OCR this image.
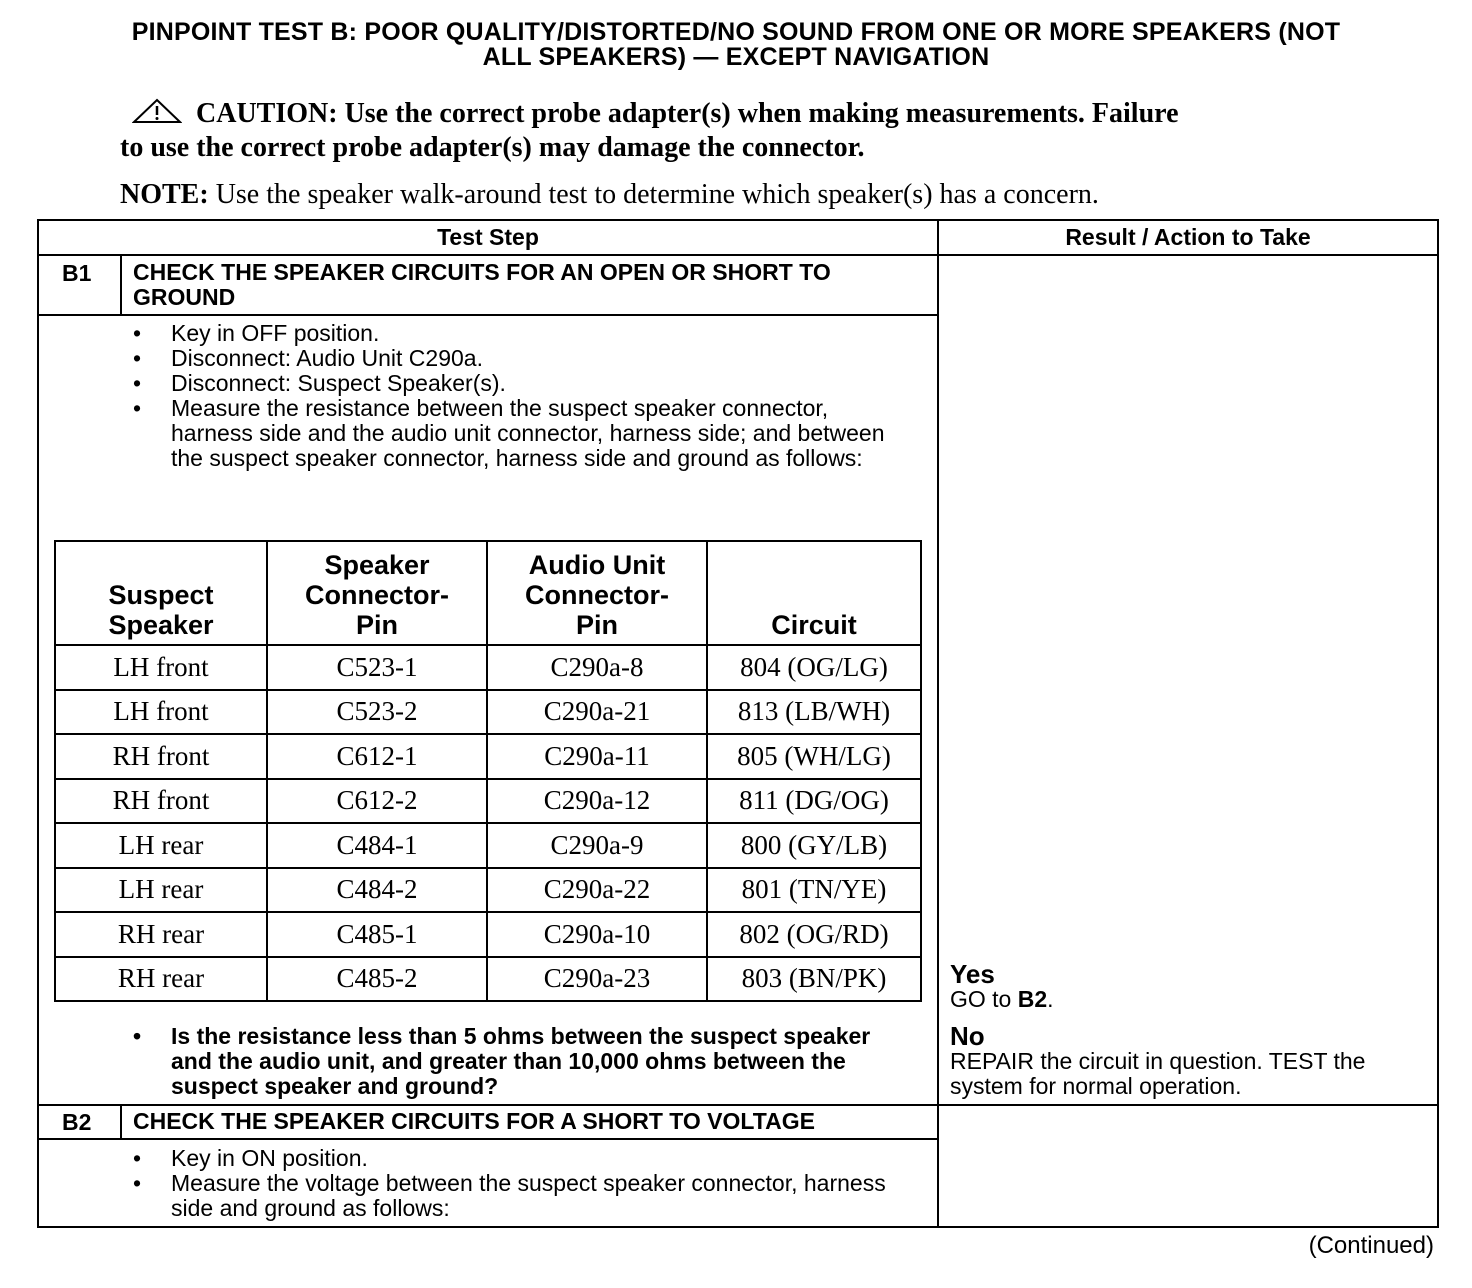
PINPOINT TEST B: POOR QUALITY/DISTORTED/NO SOUND FROM ONE OR MORE SPEAKERS (NOT
ALL SPEAKERS) — EXCEPT NAVIGATION
CAUTION: Use the correct probe adapter(s) when making measurements. Failure
to use the correct probe adapter(s) may damage the connector.
NOTE: Use the speaker walk-around test to determine which speaker(s) has a concern.
Test Step	Result / Action to Take
B1 CHECK THE SPEAKER CIRCUITS FOR AN OPEN OR SHORT TO GROUND
• Key in OFF position.
• Disconnect: Audio Unit C290a.
• Disconnect: Suspect Speaker(s).
• Measure the resistance between the suspect speaker connector, harness side and the audio unit connector, harness side; and between the suspect speaker connector, harness side and ground as follows:
Suspect Speaker	Speaker Connector-Pin	Audio Unit Connector-Pin	Circuit
LH front	C523-1	C290a-8	804 (OG/LG)
LH front	C523-2	C290a-21	813 (LB/WH)
RH front	C612-1	C290a-11	805 (WH/LG)
RH front	C612-2	C290a-12	811 (DG/OG)
LH rear	C484-1	C290a-9	800 (GY/LB)
LH rear	C484-2	C290a-22	801 (TN/YE)
RH rear	C485-1	C290a-10	802 (OG/RD)
RH rear	C485-2	C290a-23	803 (BN/PK)
• Is the resistance less than 5 ohms between the suspect speaker and the audio unit, and greater than 10,000 ohms between the suspect speaker and ground?
Yes
GO to B2.
No
REPAIR the circuit in question. TEST the system for normal operation.
B2 CHECK THE SPEAKER CIRCUITS FOR A SHORT TO VOLTAGE
• Key in ON position.
• Measure the voltage between the suspect speaker connector, harness side and ground as follows:
(Continued)
